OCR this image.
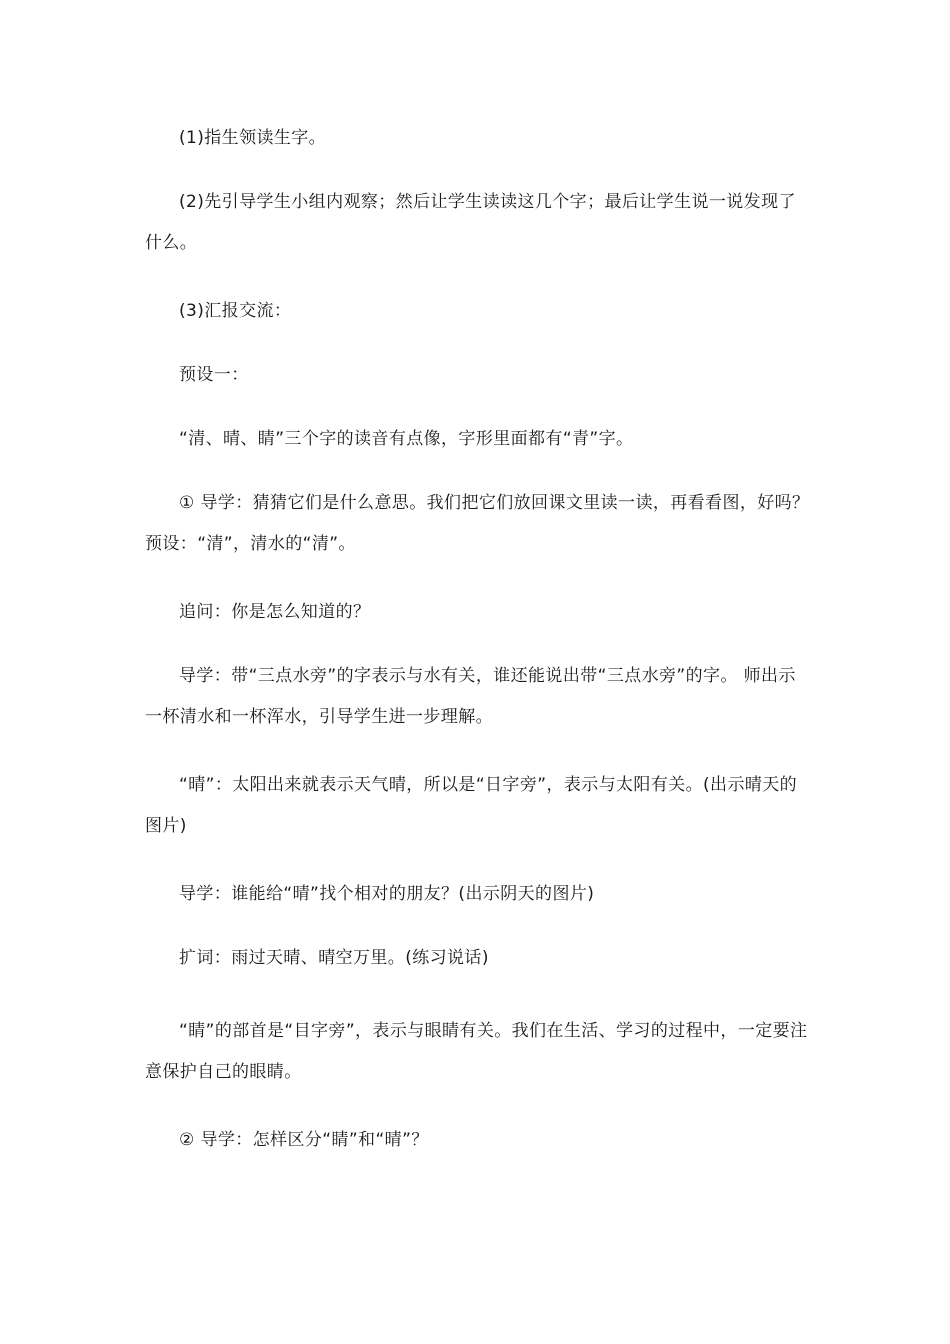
(1)指生领读生字。

(2)先引导学生小组内观察；然后让学生读读这几个字；最后让学生说一说发现了什么。

(3)汇报交流：

预设一：

“清、晴、睛”三个字的读音有点像，字形里面都有“青”字。

① 导学：猜猜它们是什么意思。我们把它们放回课文里读一读，再看看图，好吗？ 预设：“清”，清水的“清”。

追问：你是怎么知道的？

导学：带“三点水旁”的字表示与水有关，谁还能说出带“三点水旁”的字。 师出示一杯清水和一杯浑水，引导学生进一步理解。

“晴”：太阳出来就表示天气晴，所以是“日字旁”，表示与太阳有关。(出示晴天的图片)

导学：谁能给“晴”找个相对的朋友？(出示阴天的图片)

扩词：雨过天晴、晴空万里。(练习说话)

“睛”的部首是“目字旁”，表示与眼睛有关。我们在生活、学习的过程中，一定要注意保护自己的眼睛。

② 导学：怎样区分“睛”和“晴”？
